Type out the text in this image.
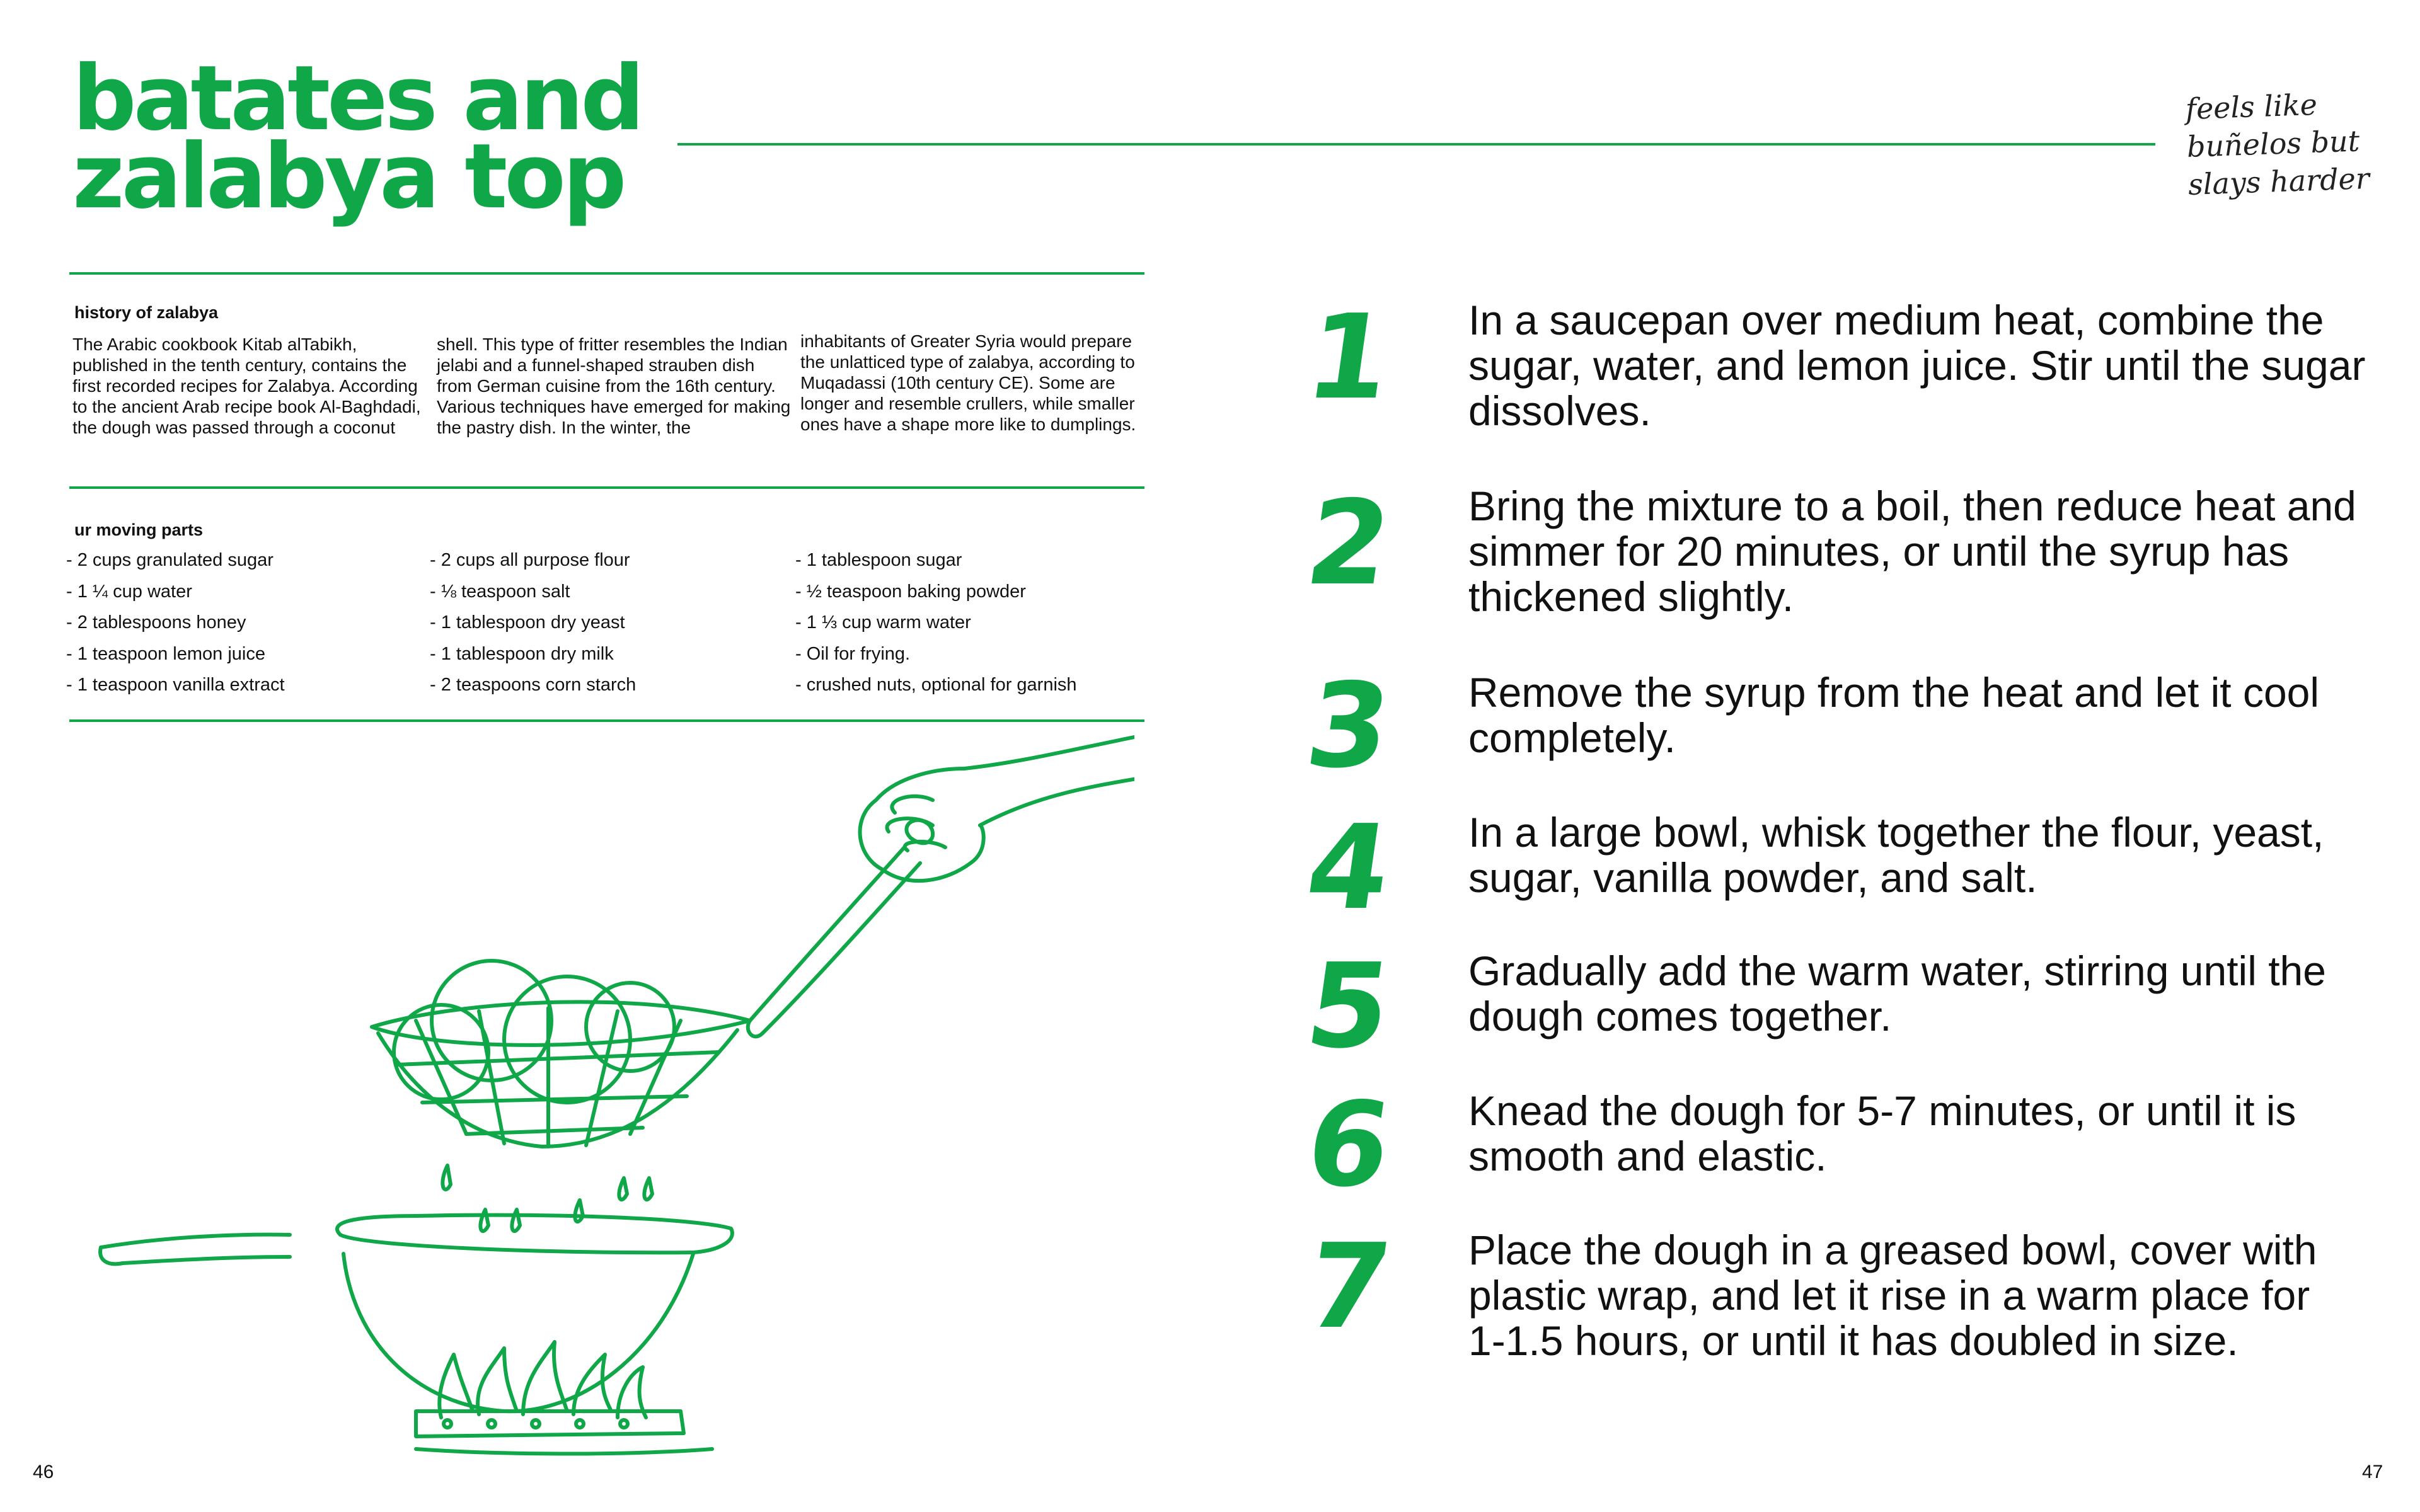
batates and
zalabya top
feels like
buñelos but
slays harder
history of zalabya
The Arabic cookbook Kitab alTabikh, published in the tenth century, contains the first recorded recipes for Zalabya. According to the ancient Arab recipe book Al-Baghdadi, the dough was passed through a coconut
shell. This type of fritter resembles the Indian jelabi and a funnel-shaped strauben dish from German cuisine from the 16th century. Various techniques have emerged for making the pastry dish. In the winter, the
inhabitants of Greater Syria would prepare the unlatticed type of zalabya, according to Muqadassi (10th century CE). Some are longer and resemble crullers, while smaller ones have a shape more like to dumplings.
ur moving parts
- 2 cups granulated sugar
- 1 ¼ cup water
- 2 tablespoons honey
- 1 teaspoon lemon juice
- 1 teaspoon vanilla extract
- 2 cups all purpose flour
- ⅛ teaspoon salt
- 1 tablespoon dry yeast
- 1 tablespoon dry milk
- 2 teaspoons corn starch
- 1 tablespoon sugar
- ½ teaspoon baking powder
- 1 ⅓ cup warm water
- Oil for frying.
- crushed nuts, optional for garnish
1	In a saucepan over medium heat, combine the sugar, water, and lemon juice. Stir until the sugar dissolves.
2	Bring the mixture to a boil, then reduce heat and simmer for 20 minutes, or until the syrup has thickened slightly.
3	Remove the syrup from the heat and let it cool completely.
4	In a large bowl, whisk together the flour, yeast, sugar, vanilla powder, and salt.
5	Gradually add the warm water, stirring until the dough comes together.
6	Knead the dough for 5-7 minutes, or until it is smooth and elastic.
7	Place the dough in a greased bowl, cover with plastic wrap, and let it rise in a warm place for 1-1.5 hours, or until it has doubled in size.
46	47
